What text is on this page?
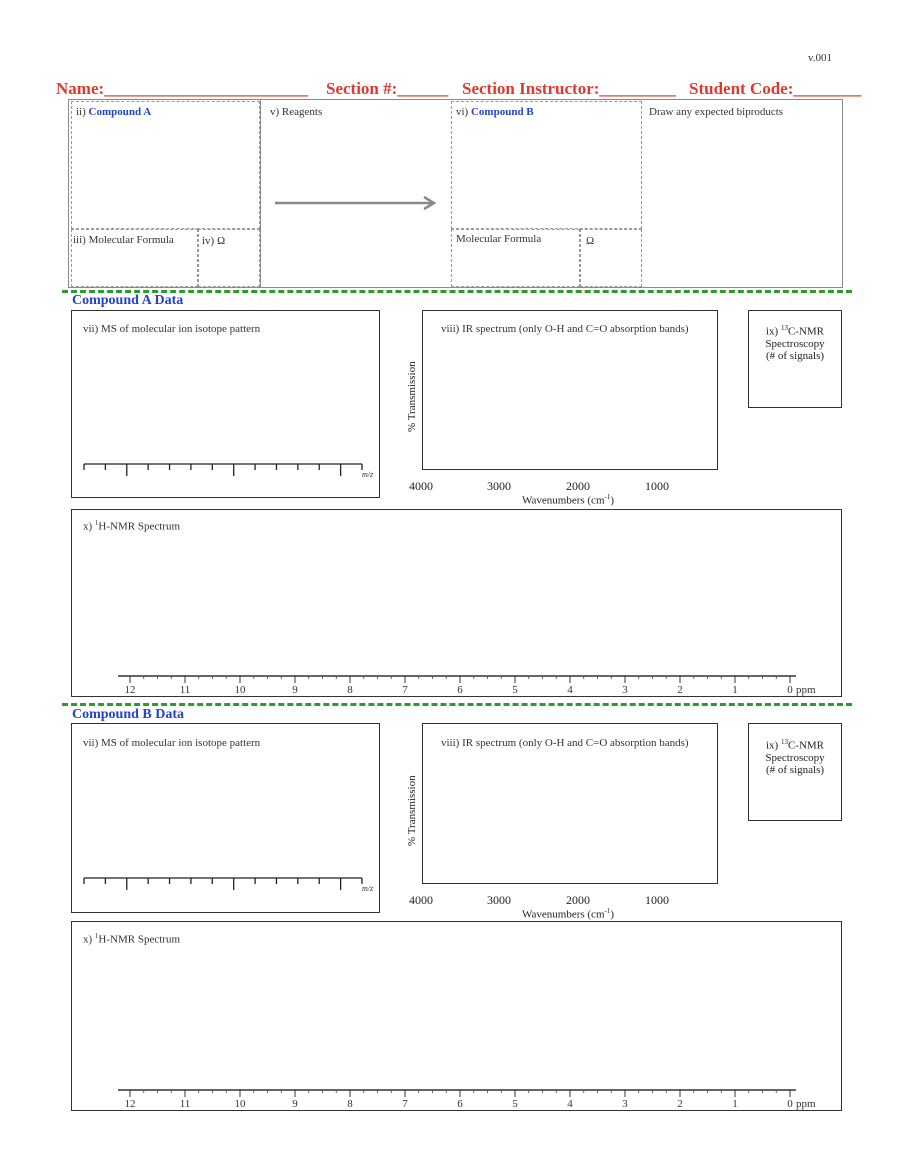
v.001
Name:________________________ Section #:______ Section Instructor:_________ Student Code:________
ii) Compound A
iii) Molecular Formula	iv) Ω
v) Reagents	vi) Compound B
Molecular Formula	Ω
Draw any expected biproducts
Compound A Data
vii) MS of molecular ion isotope pattern
m/z
viii) IR spectrum (only O-H and C=O absorption bands)
% Transmission
4000	3000	2000	1000
Wavenumbers $(cm^{-1})$
ix) $^{13}$C-NMR
Spectroscopy
(# of signals)
x) $^1$H-NMR Spectrum
12	11	10	9	8	7	6	5	4	3	2	1	0 ppm
Compound B Data
vii) MS of molecular ion isotope pattern
m/z
viii) IR spectrum (only O-H and C=O absorption bands)
% Transmission
4000	3000	2000	1000
Wavenumbers $(cm^{-1})$
ix) $^{13}$C-NMR
Spectroscopy
(# of signals)
x) $^1$H-NMR Spectrum
12	11	10	9	8	7	6	5	4	3	2	1	0 ppm
